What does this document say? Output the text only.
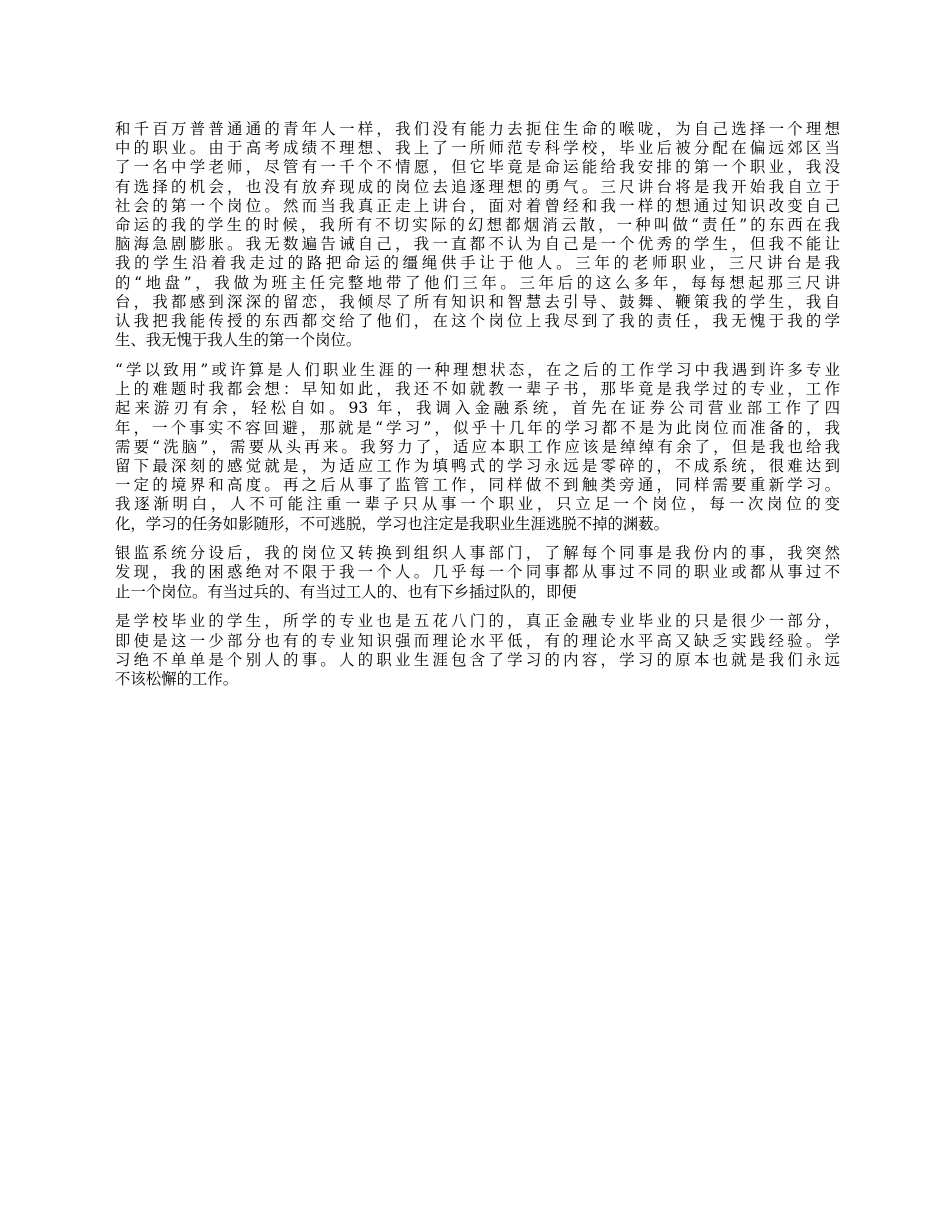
和千百万普普通通的青年人一样，我们没有能力去扼住生命的喉咙，为自己选择一个理想
中的职业。由于高考成绩不理想、我上了一所师范专科学校，毕业后被分配在偏远郊区当
了一名中学老师，尽管有一千个不情愿，但它毕竟是命运能给我安排的第一个职业，我没
有选择的机会，也没有放弃现成的岗位去追逐理想的勇气。三尺讲台将是我开始我自立于
社会的第一个岗位。然而当我真正走上讲台，面对着曾经和我一样的想通过知识改变自己
命运的我的学生的时候，我所有不切实际的幻想都烟消云散，一种叫做“责任”的东西在我
脑海急剧膨胀。我无数遍告诫自己，我一直都不认为自己是一个优秀的学生，但我不能让
我的学生沿着我走过的路把命运的缰绳供手让于他人。三年的老师职业，三尺讲台是我
的“地盘”，我做为班主任完整地带了他们三年。三年后的这么多年，每每想起那三尺讲
台，我都感到深深的留恋，我倾尽了所有知识和智慧去引导、鼓舞、鞭策我的学生，我自
认我把我能传授的东西都交给了他们，在这个岗位上我尽到了我的责任，我无愧于我的学
生、我无愧于我人生的第一个岗位。
“学以致用”或许算是人们职业生涯的一种理想状态，在之后的工作学习中我遇到许多专业
上的难题时我都会想：早知如此，我还不如就教一辈子书，那毕竟是我学过的专业，工作
起来游刃有余，轻松自如。93 年，我调入金融系统，首先在证券公司营业部工作了四
年，一个事实不容回避，那就是“学习”，似乎十几年的学习都不是为此岗位而准备的，我
需要“洗脑”，需要从头再来。我努力了，适应本职工作应该是绰绰有余了，但是我也给我
留下最深刻的感觉就是，为适应工作为填鸭式的学习永远是零碎的，不成系统，很难达到
一定的境界和高度。再之后从事了监管工作，同样做不到触类旁通，同样需要重新学习。
我逐渐明白，人不可能注重一辈子只从事一个职业，只立足一个岗位，每一次岗位的变
化，学习的任务如影随形，不可逃脱，学习也注定是我职业生涯逃脱不掉的渊薮。
银监系统分设后，我的岗位又转换到组织人事部门，了解每个同事是我份内的事，我突然
发现，我的困惑绝对不限于我一个人。几乎每一个同事都从事过不同的职业或都从事过不
止一个岗位。有当过兵的、有当过工人的、也有下乡插过队的，即便
是学校毕业的学生，所学的专业也是五花八门的，真正金融专业毕业的只是很少一部分，
即使是这一少部分也有的专业知识强而理论水平低，有的理论水平高又缺乏实践经验。学
习绝不单单是个别人的事。人的职业生涯包含了学习的内容，学习的原本也就是我们永远
不该松懈的工作。
